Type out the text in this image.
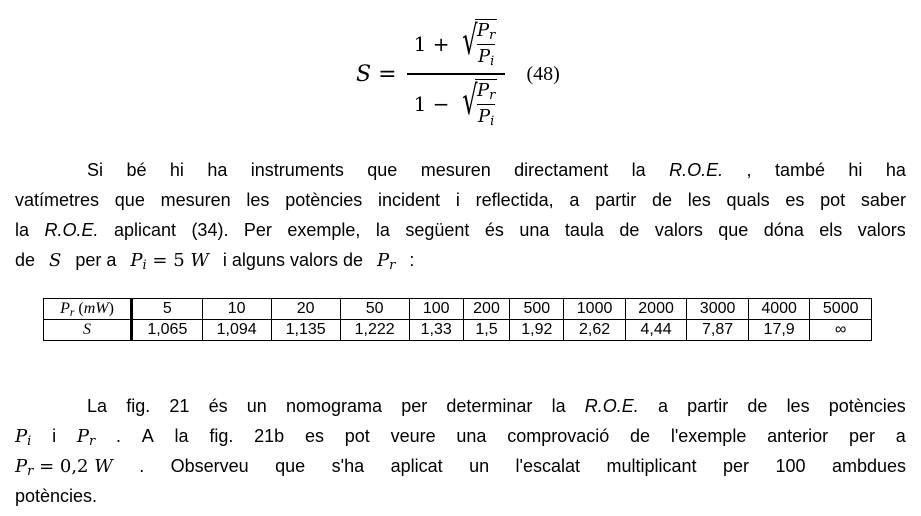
S =
1 + √ $\frac{P_r}{P_i}$
1 − √ $\frac{P_r}{P_i}$
(48)
Si bé hi ha instruments que mesuren directament la R.O.E. , també hi ha
vatímetres que mesuren les potències incident i reflectida, a partir de les quals es pot saber
la R.O.E. aplicant (34). Per exemple, la següent és una taula de valors que dóna els valors
de S per a $P_i = 5$ W i alguns valors de $P_r$ :
$P_r$ (mW)	5	10	20	50	100	200	500	1000	2000	3000	4000	5000
S	1,065	1,094	1,135	1,222	1,33	1,5	1,92	2,62	4,44	7,87	17,9	∞
La fig. 21 és un nomograma per determinar la R.O.E. a partir de les potències
$P_i$ i $P_r$ . A la fig. 21b es pot veure una comprovació de l'exemple anterior per a
$P_r = 0,2$ W . Observeu que s'ha aplicat un l'escalat multiplicant per 100 ambdues
potències.
